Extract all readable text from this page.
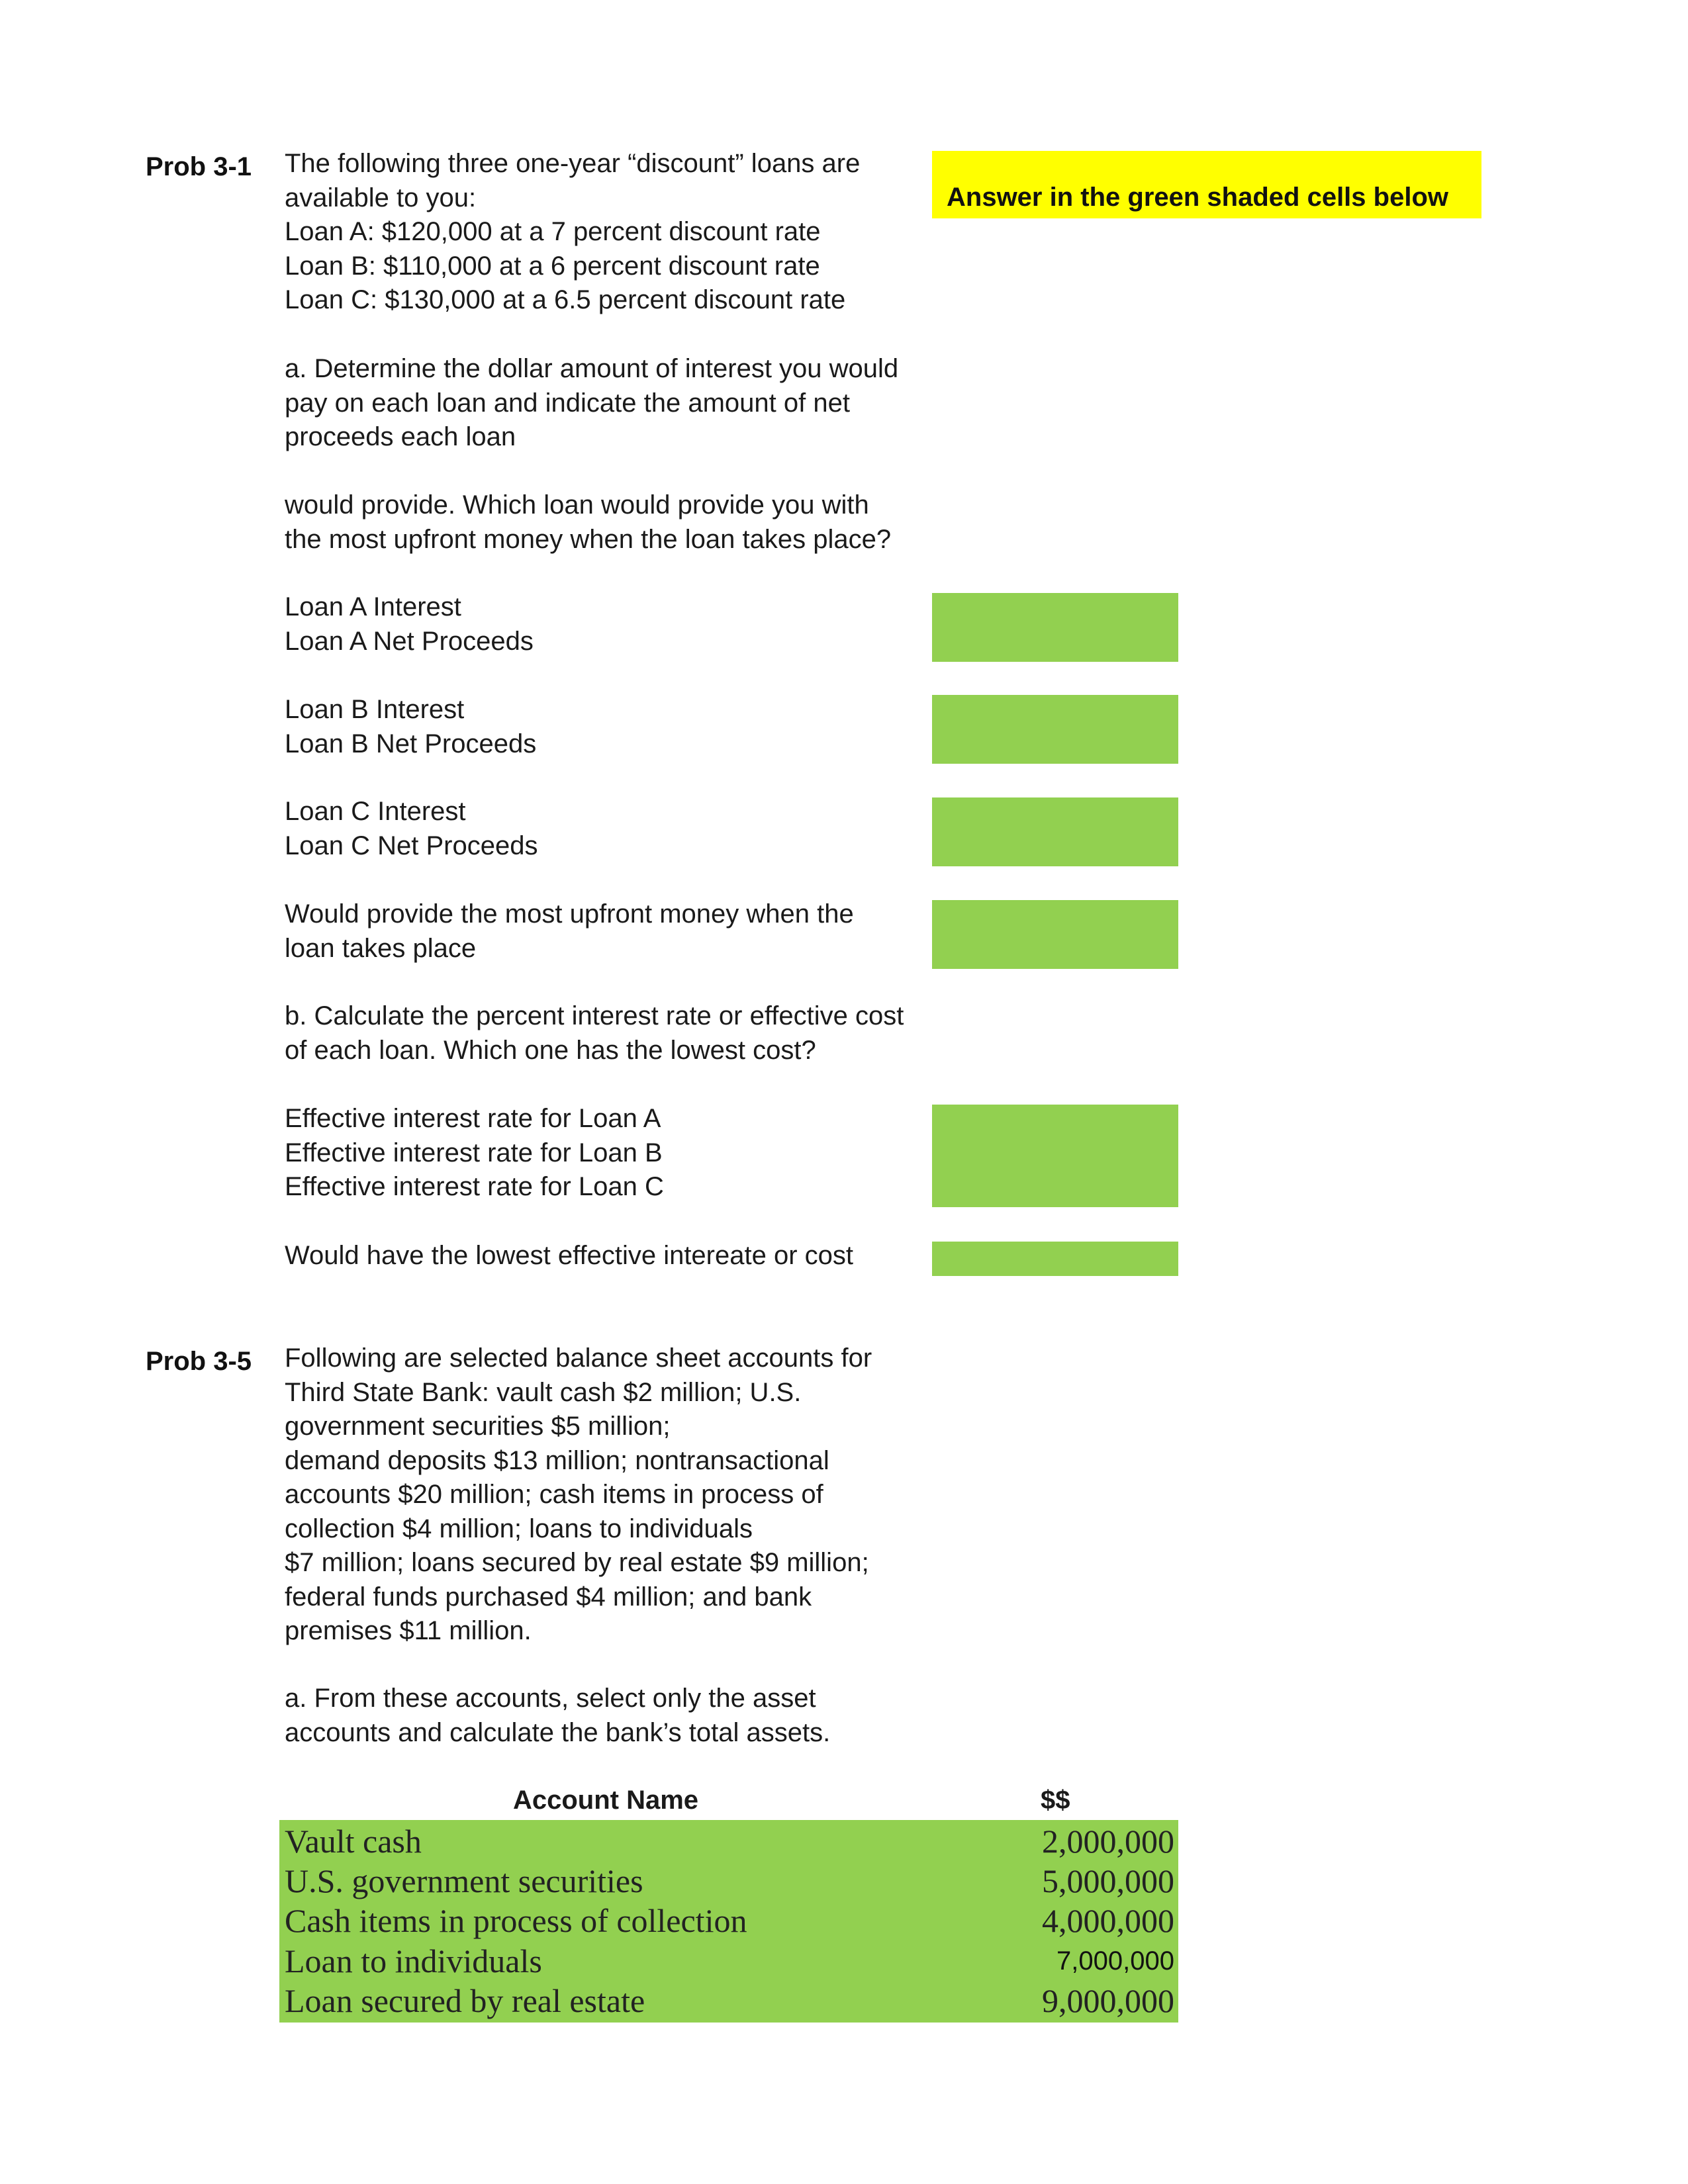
Prob 3-1 The following three one-year “discount” loans are
available to you:
Loan A: $120,000 at a 7 percent discount rate
Loan B: $110,000 at a 6 percent discount rate
Loan C: $130,000 at a 6.5 percent discount rate
Answer in the green shaded cells below
a. Determine the dollar amount of interest you would
pay on each loan and indicate the amount of net
proceeds each loan
would provide. Which loan would provide you with
the most upfront money when the loan takes place?
Loan A Interest
Loan A Net Proceeds
Loan B Interest
Loan B Net Proceeds
Loan C Interest
Loan C Net Proceeds
Would provide the most upfront money when the
loan takes place
b. Calculate the percent interest rate or effective cost
of each loan. Which one has the lowest cost?
Effective interest rate for Loan A
Effective interest rate for Loan B
Effective interest rate for Loan C
Would have the lowest effective intereate or cost
Prob 3-5 Following are selected balance sheet accounts for
Third State Bank: vault cash $2 million; U.S.
government securities $5 million;
demand deposits $13 million; nontransactional
accounts $20 million; cash items in process of
collection $4 million; loans to individuals
$7 million; loans secured by real estate $9 million;
federal funds purchased $4 million; and bank
premises $11 million.
a. From these accounts, select only the asset
accounts and calculate the bank’s total assets.
Account Name	$$
Vault cash	2,000,000
U.S. government securities	5,000,000
Cash items in process of collection	4,000,000
Loan to individuals	7,000,000
Loan secured by real estate	9,000,000
